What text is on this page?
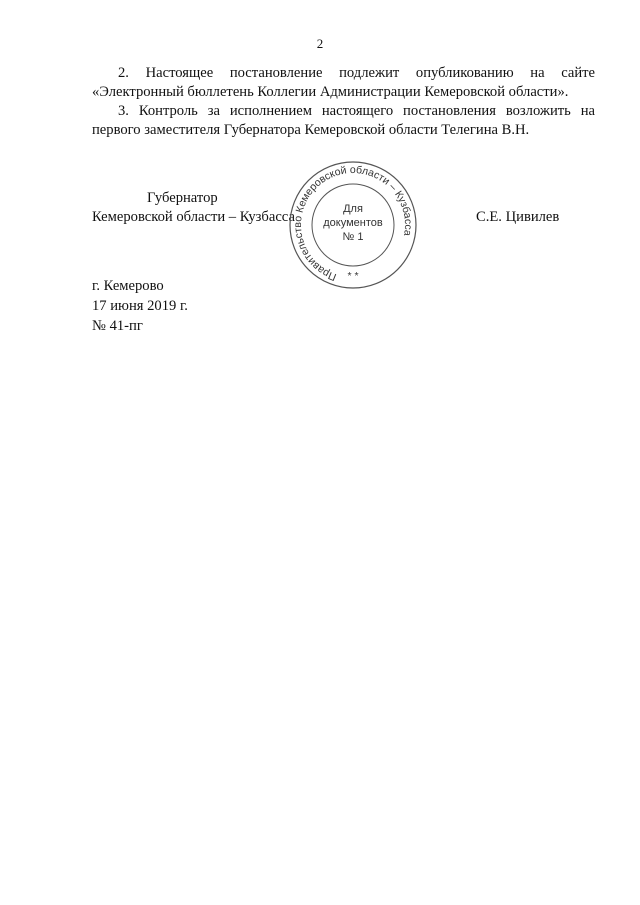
2
2. Настоящее постановление подлежит опубликованию на сайте «Электронный бюллетень Коллегии Администрации Кемеровской области».
3. Контроль за исполнением настоящего постановления возложить на первого заместителя Губернатора Кемеровской области Телегина В.Н.
Губернатор
Кемеровской области – Кузбасса	С.Е. Цивилев
Правительство Кемеровской области – Кузбасса
* *
Для
документов
№ 1
г. Кемерово
17 июня 2019 г.
№ 41-пг
